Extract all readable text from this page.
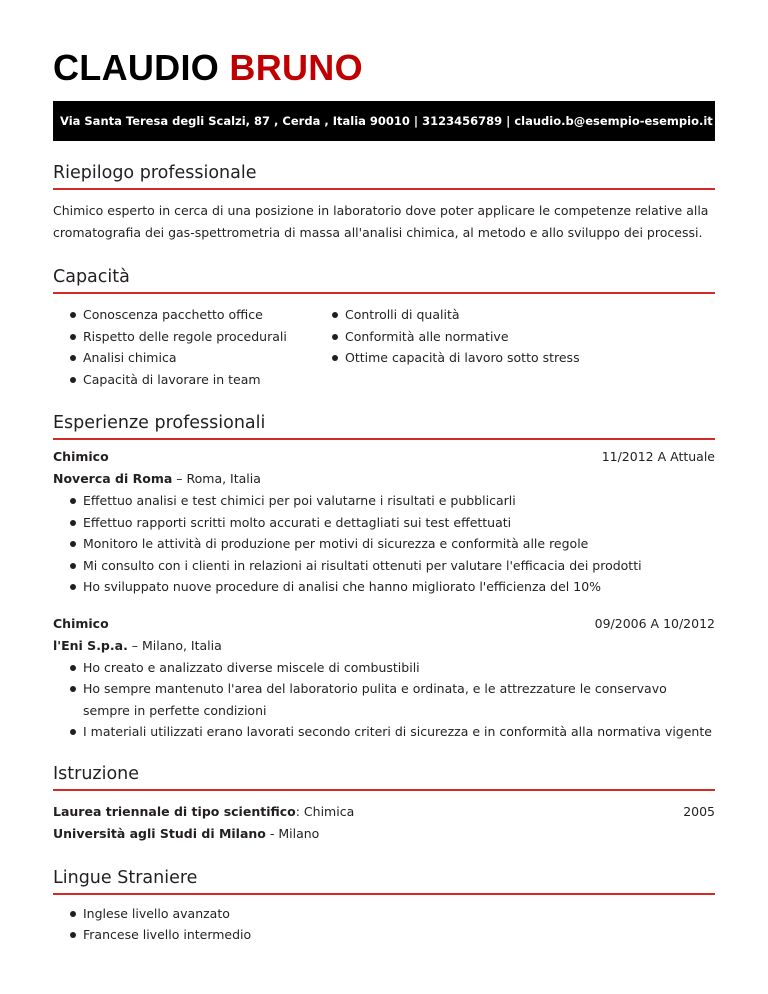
CLAUDIO BRUNO
Via Santa Teresa degli Scalzi, 87 , Cerda , Italia 90010 | 3123456789 | claudio.b@esempio-esempio.it
Riepilogo professionale
Chimico esperto in cerca di una posizione in laboratorio dove poter applicare le competenze relative alla cromatografia dei gas-spettrometria di massa all'analisi chimica, al metodo e allo sviluppo dei processi.
Capacità
Conoscenza pacchetto office
Rispetto delle regole procedurali
Analisi chimica
Capacità di lavorare in team
Controlli di qualità
Conformità alle normative
Ottime capacità di lavoro sotto stress
Esperienze professionali
Chimico	11/2012 A Attuale
Noverca di Roma – Roma, Italia
Effettuo analisi e test chimici per poi valutarne i risultati e pubblicarli
Effettuo rapporti scritti molto accurati e dettagliati sui test effettuati
Monitoro le attività di produzione per motivi di sicurezza e conformità alle regole
Mi consulto con i clienti in relazioni ai risultati ottenuti per valutare l'efficacia dei prodotti
Ho sviluppato nuove procedure di analisi che hanno migliorato l'efficienza del 10%
Chimico	09/2006 A 10/2012
l'Eni S.p.a. – Milano, Italia
Ho creato e analizzato diverse miscele di combustibili
Ho sempre mantenuto l'area del laboratorio pulita e ordinata, e le attrezzature le conservavo sempre in perfette condizioni
I materiali utilizzati erano lavorati secondo criteri di sicurezza e in conformità alla normativa vigente
Istruzione
Laurea triennale di tipo scientifico: Chimica	2005
Università agli Studi di Milano - Milano
Lingue Straniere
Inglese livello avanzato
Francese livello intermedio
